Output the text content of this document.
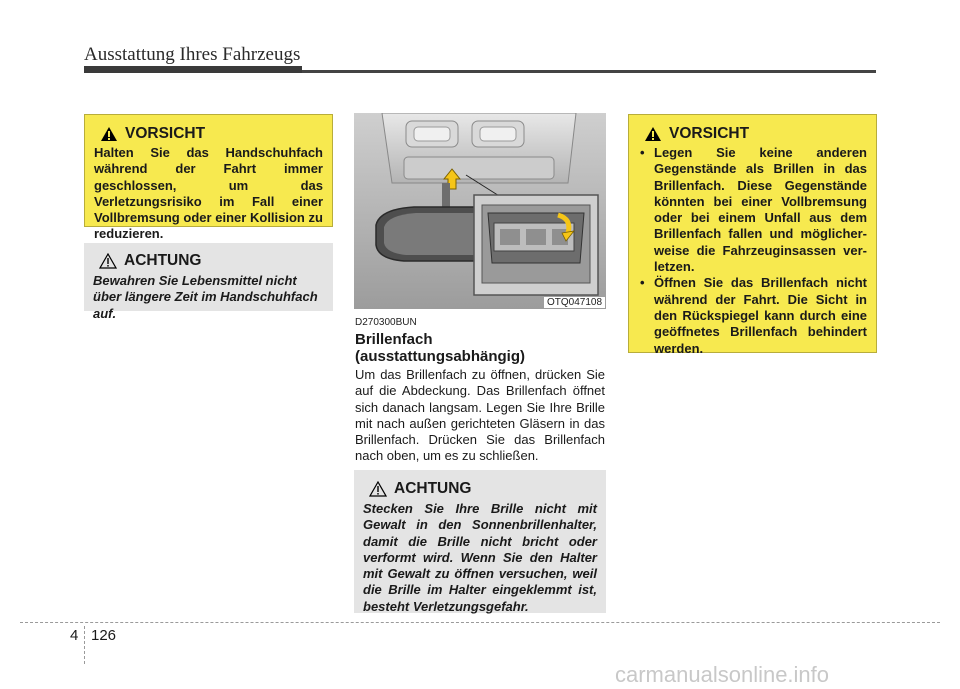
Ausstattung Ihres Fahrzeugs
VORSICHT
Halten Sie das Handschuhfach während der Fahrt immer geschlossen, um das Verletzungsrisiko im Fall einer Vollbremsung oder einer Kollision zu reduzieren.
ACHTUNG
Bewahren Sie Lebensmittel nicht über längere Zeit im Handschuhfach auf.
OTQ047108
D270300BUN
Brillenfach (ausstattungsabhängig)
Um das Brillenfach zu öffnen, drücken Sie auf die Abdeckung. Das Brillenfach öffnet sich danach langsam. Legen Sie Ihre Brille mit nach außen gerichteten Gläsern in das Brillenfach. Drücken Sie das Brillenfach nach oben, um es zu schließen.
ACHTUNG
Stecken Sie Ihre Brille nicht mit Gewalt in den Sonnenbrillenhalter, damit die Brille nicht bricht oder verformt wird. Wenn Sie den Halter mit Gewalt zu öffnen versuchen, weil die Brille im Halter eingeklemmt ist, besteht Verletzungsgefahr.
VORSICHT
• Legen Sie keine anderen Gegenstände als Brillen in das Brillenfach. Diese Gegenstände könnten bei einer Vollbremsung oder bei einem Unfall aus dem Brillenfach fallen und möglicher-weise die Fahrzeuginsassen ver-letzen.
• Öffnen Sie das Brillenfach nicht während der Fahrt. Die Sicht in den Rückspiegel kann durch eine geöffnetes Brillenfach behindert werden.
4 126
carmanualsonline.info
